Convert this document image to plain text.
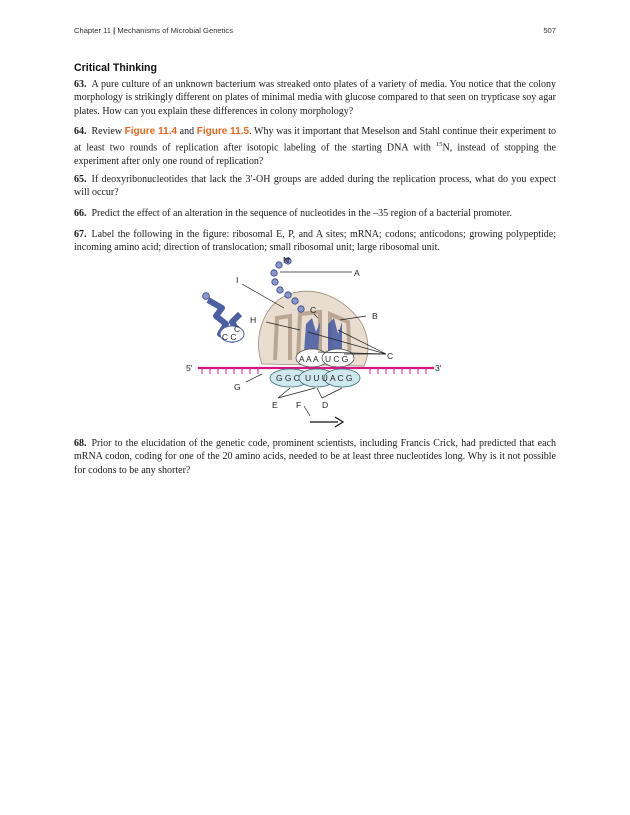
Chapter 11 | Mechanisms of Microbial Genetics	507
Critical Thinking

63. A pure culture of an unknown bacterium was streaked onto plates of a variety of media. You notice that the colony morphology is strikingly different on plates of minimal media with glucose compared to that seen on trypticase soy agar plates. How can you explain these differences in colony morphology?

64. Review Figure 11.4 and Figure 11.5. Why was it important that Meselson and Stahl continue their experiment to at least two rounds of replication after isotopic labeling of the starting DNA with $^{15}$N, instead of stopping the experiment after only one round of replication?

65. If deoxyribonucleotides that lack the 3′-OH groups are added during the replication process, what do you expect will occur?

66. Predict the effect of an alteration in the sequence of nucleotides in the –35 region of a bacterial promoter.

67. Label the following in the figure: ribosomal E, P, and A sites; mRNA; codons; anticodons; growing polypeptide; incoming amino acid; direction of translocation; small ribosomal unit; large ribosomal unit.

C C
C
A A A U C G
5′	3′
G G C U U U A C G
N
A
I
C
B
H
C
G
E F D

68. Prior to the elucidation of the genetic code, prominent scientists, including Francis Crick, had predicted that each mRNA codon, coding for one of the 20 amino acids, needed to be at least three nucleotides long. Why is it not possible for codons to be any shorter?
